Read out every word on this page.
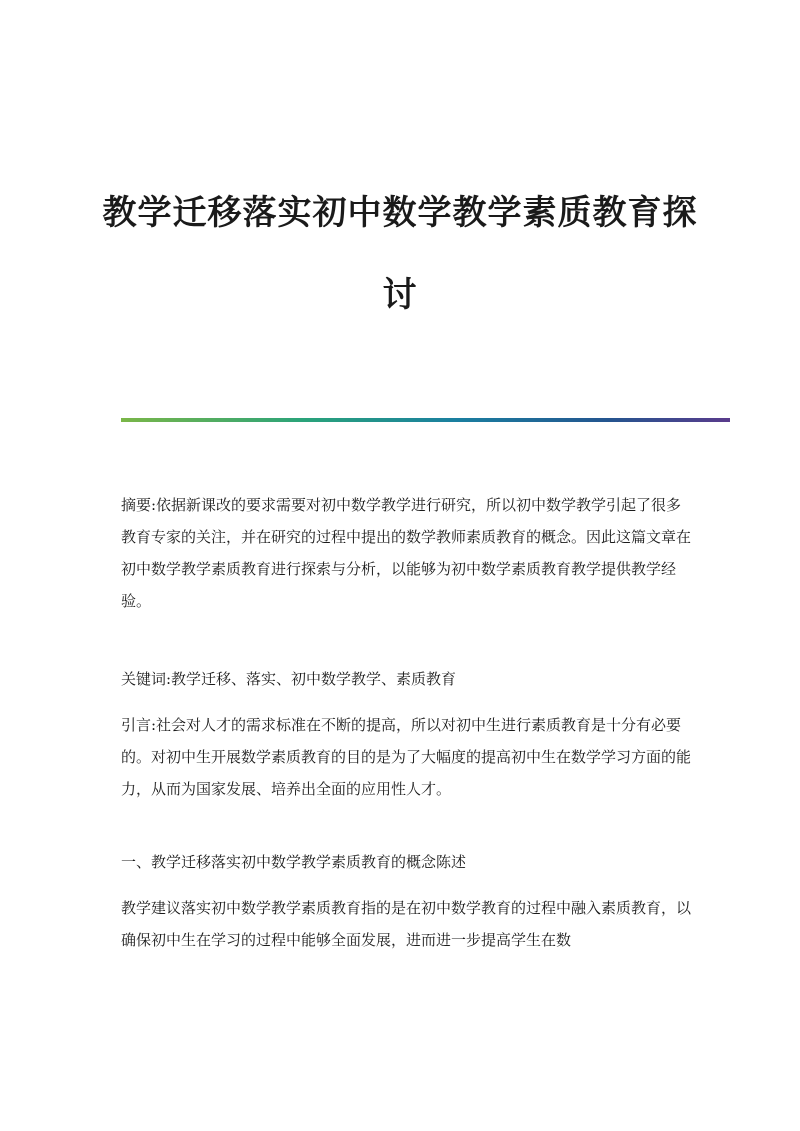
教学迁移落实初中数学教学素质教育探
讨

摘要:依据新课改的要求需要对初中数学教学进行研究，所以初中数学教学引起了很多教育专家的关注，并在研究的过程中提出的数学教师素质教育的概念。因此这篇文章在初中数学教学素质教育进行探索与分析，以能够为初中数学素质教育教学提供教学经验。

关键词:教学迁移、落实、初中数学教学、素质教育

引言:社会对人才的需求标准在不断的提高，所以对初中生进行素质教育是十分有必要的。对初中生开展数学素质教育的目的是为了大幅度的提高初中生在数学学习方面的能力，从而为国家发展、培养出全面的应用性人才。

一、教学迁移落实初中数学教学素质教育的概念陈述

教学建议落实初中数学教学素质教育指的是在初中数学教育的过程中融入素质教育，以确保初中生在学习的过程中能够全面发展，进而进一步提高学生在数
